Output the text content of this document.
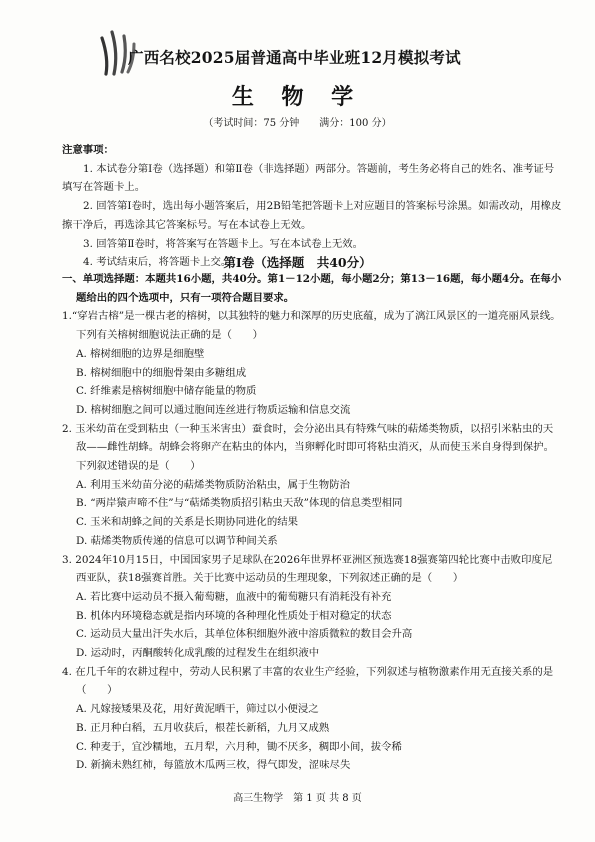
广西名校2025届普通高中毕业班12月模拟考试
生 物 学
（考试时间：75 分钟　　满分：100 分）
注意事项：
1. 本试卷分第Ⅰ卷（选择题）和第Ⅱ卷（非选择题）两部分。答题前，考生务必将自己的姓名、准考证号填写在答题卡上。
2. 回答第Ⅰ卷时，选出每小题答案后，用2B铅笔把答题卡上对应题目的答案标号涂黑。如需改动，用橡皮擦干净后，再选涂其它答案标号。写在本试卷上无效。
3. 回答第Ⅱ卷时，将答案写在答题卡上。写在本试卷上无效。
4. 考试结束后，将答题卡上交。
第Ⅰ卷（选择题　共40分）
一、单项选择题：本题共16小题，共40分。第1－12小题，每小题2分；第13－16题，每小题4分。在每小题给出的四个选项中，只有一项符合题目要求。
1.“穿岩古榕”是一棵古老的榕树，以其独特的魅力和深厚的历史底蕴，成为了漓江风景区的一道亮丽风景线。下列有关榕树细胞说法正确的是（　　）
A. 榕树细胞的边界是细胞壁
B. 榕树细胞中的细胞骨架由多糖组成
C. 纤维素是榕树细胞中储存能量的物质
D. 榕树细胞之间可以通过胞间连丝进行物质运输和信息交流
2. 玉米幼苗在受到粘虫（一种玉米害虫）蚕食时，会分泌出具有特殊气味的萜烯类物质，以招引米粘虫的天敌——雌性胡蜂。胡蜂会将卵产在粘虫的体内，当卵孵化时即可将粘虫消灭，从而使玉米自身得到保护。下列叙述错误的是（　　）
A. 利用玉米幼苗分泌的萜烯类物质防治粘虫，属于生物防治
B. “两岸猿声啼不住”与“萜烯类物质招引粘虫天敌”体现的信息类型相同
C. 玉米和胡蜂之间的关系是长期协同进化的结果
D. 萜烯类物质传递的信息可以调节种间关系
3. 2024年10月15日，中国国家男子足球队在2026年世界杯亚洲区预选赛18强赛第四轮比赛中击败印度尼西亚队，获18强赛首胜。关于比赛中运动员的生理现象，下列叙述正确的是（　　）
A. 若比赛中运动员不摄入葡萄糖，血液中的葡萄糖只有消耗没有补充
B. 机体内环境稳态就是指内环境的各种理化性质处于相对稳定的状态
C. 运动员大量出汗失水后，其单位体积细胞外液中溶质微粒的数目会升高
D. 运动时，丙酮酸转化成乳酸的过程发生在组织液中
4. 在几千年的农耕过程中，劳动人民积累了丰富的农业生产经验，下列叙述与植物激素作用无直接关系的是（　　）
A. 凡嫁接矮果及花，用好黄泥晒干，筛过以小便浸之
B. 正月种白稻，五月收获后，根茬长新稻，九月又成熟
C. 种麦于，宜沙糯地，五月犁，六月种，锄不厌多，稠即小间，拔令稀
D. 新摘未熟红柿，每篮放木瓜两三枚，得气即发，涩味尽失
高三生物学　第 1 页 共 8 页
